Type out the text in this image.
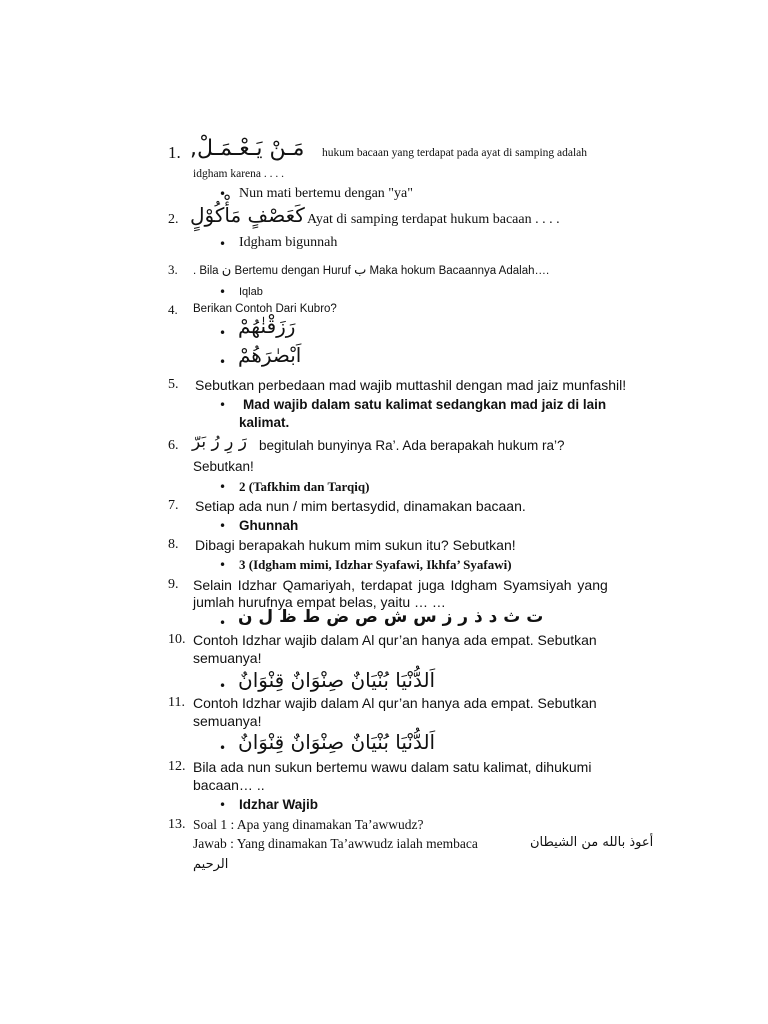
1. مَـنْ يَـعْـمَـلْ, hukum bacaan yang terdapat pada ayat di samping adalah
idgham karena . . . .
• Nun mati bertemu dengan "ya"
2. كَعَصْفٍ مَأْكُوْلٍ Ayat di samping terdapat hukum bacaan . . . .
• Idgham bigunnah
3. . Bila ن Bertemu dengan Huruf ب Maka hokum Bacaannya Adalah….
• Iqlab
4. Berikan Contoh Dari Kubro?
• رَزَقْنٰهُمْ
• اَبْصٰرَهُمْ
5. Sebutkan perbedaan mad wajib muttashil dengan mad jaiz munfashil!
• Mad wajib dalam satu kalimat sedangkan mad jaiz di lain
kalimat.
6. رَ رِ رُ بَرّ begitulah bunyinya Ra’. Ada berapakah hukum ra’?
Sebutkan!
• 2 (Tafkhim dan Tarqiq)
7. Setiap ada nun / mim bertasydid, dinamakan bacaan.
• Ghunnah
8. Dibagi berapakah hukum mim sukun itu? Sebutkan!
• 3 (Idgham mimi, Idzhar Syafawi, Ikhfa’ Syafawi)
9. Selain Idzhar Qamariyah, terdapat juga Idgham Syamsiyah yang
jumlah hurufnya empat belas, yaitu … …
• ت ث د ذ ر ز س ش ص ض ط ظ ل ن
10. Contoh Idzhar wajib dalam Al qur’an hanya ada empat. Sebutkan
semuanya!
• اَلدُّنْيَا بُنْيَانٌ صِنْوَانٌ قِنْوَانٌ
11. Contoh Idzhar wajib dalam Al qur’an hanya ada empat. Sebutkan
semuanya!
• اَلدُّنْيَا بُنْيَانٌ صِنْوَانٌ قِنْوَانٌ
12. Bila ada nun sukun bertemu wawu dalam satu kalimat, dihukumi
bacaan… ..
• Idzhar Wajib
13. Soal 1 : Apa yang dinamakan Ta’awwudz?
Jawab : Yang dinamakan Ta’awwudz ialah membaca	أعوذ بالله من الشيطان
الرحيم
